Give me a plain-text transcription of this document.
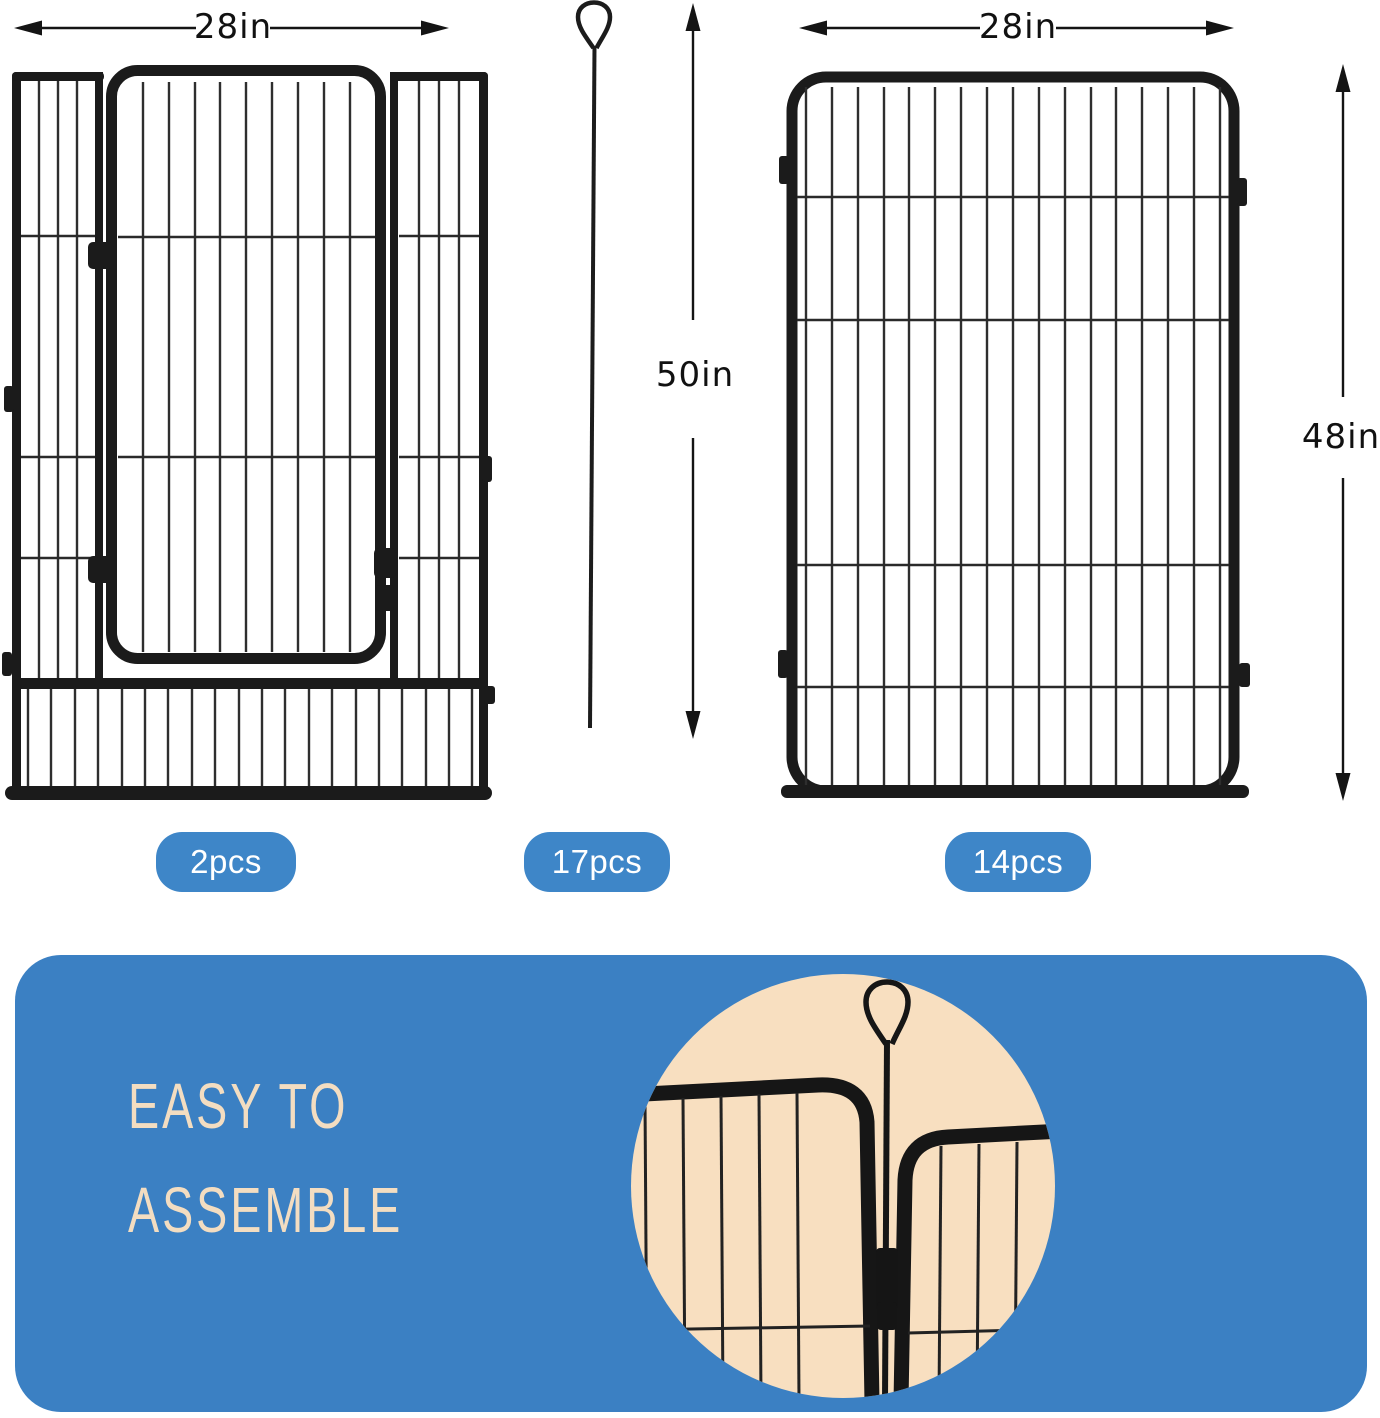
28in	28in
50in
48in
2pcs	17pcs	14pcs
EASY TO
ASSEMBLE
